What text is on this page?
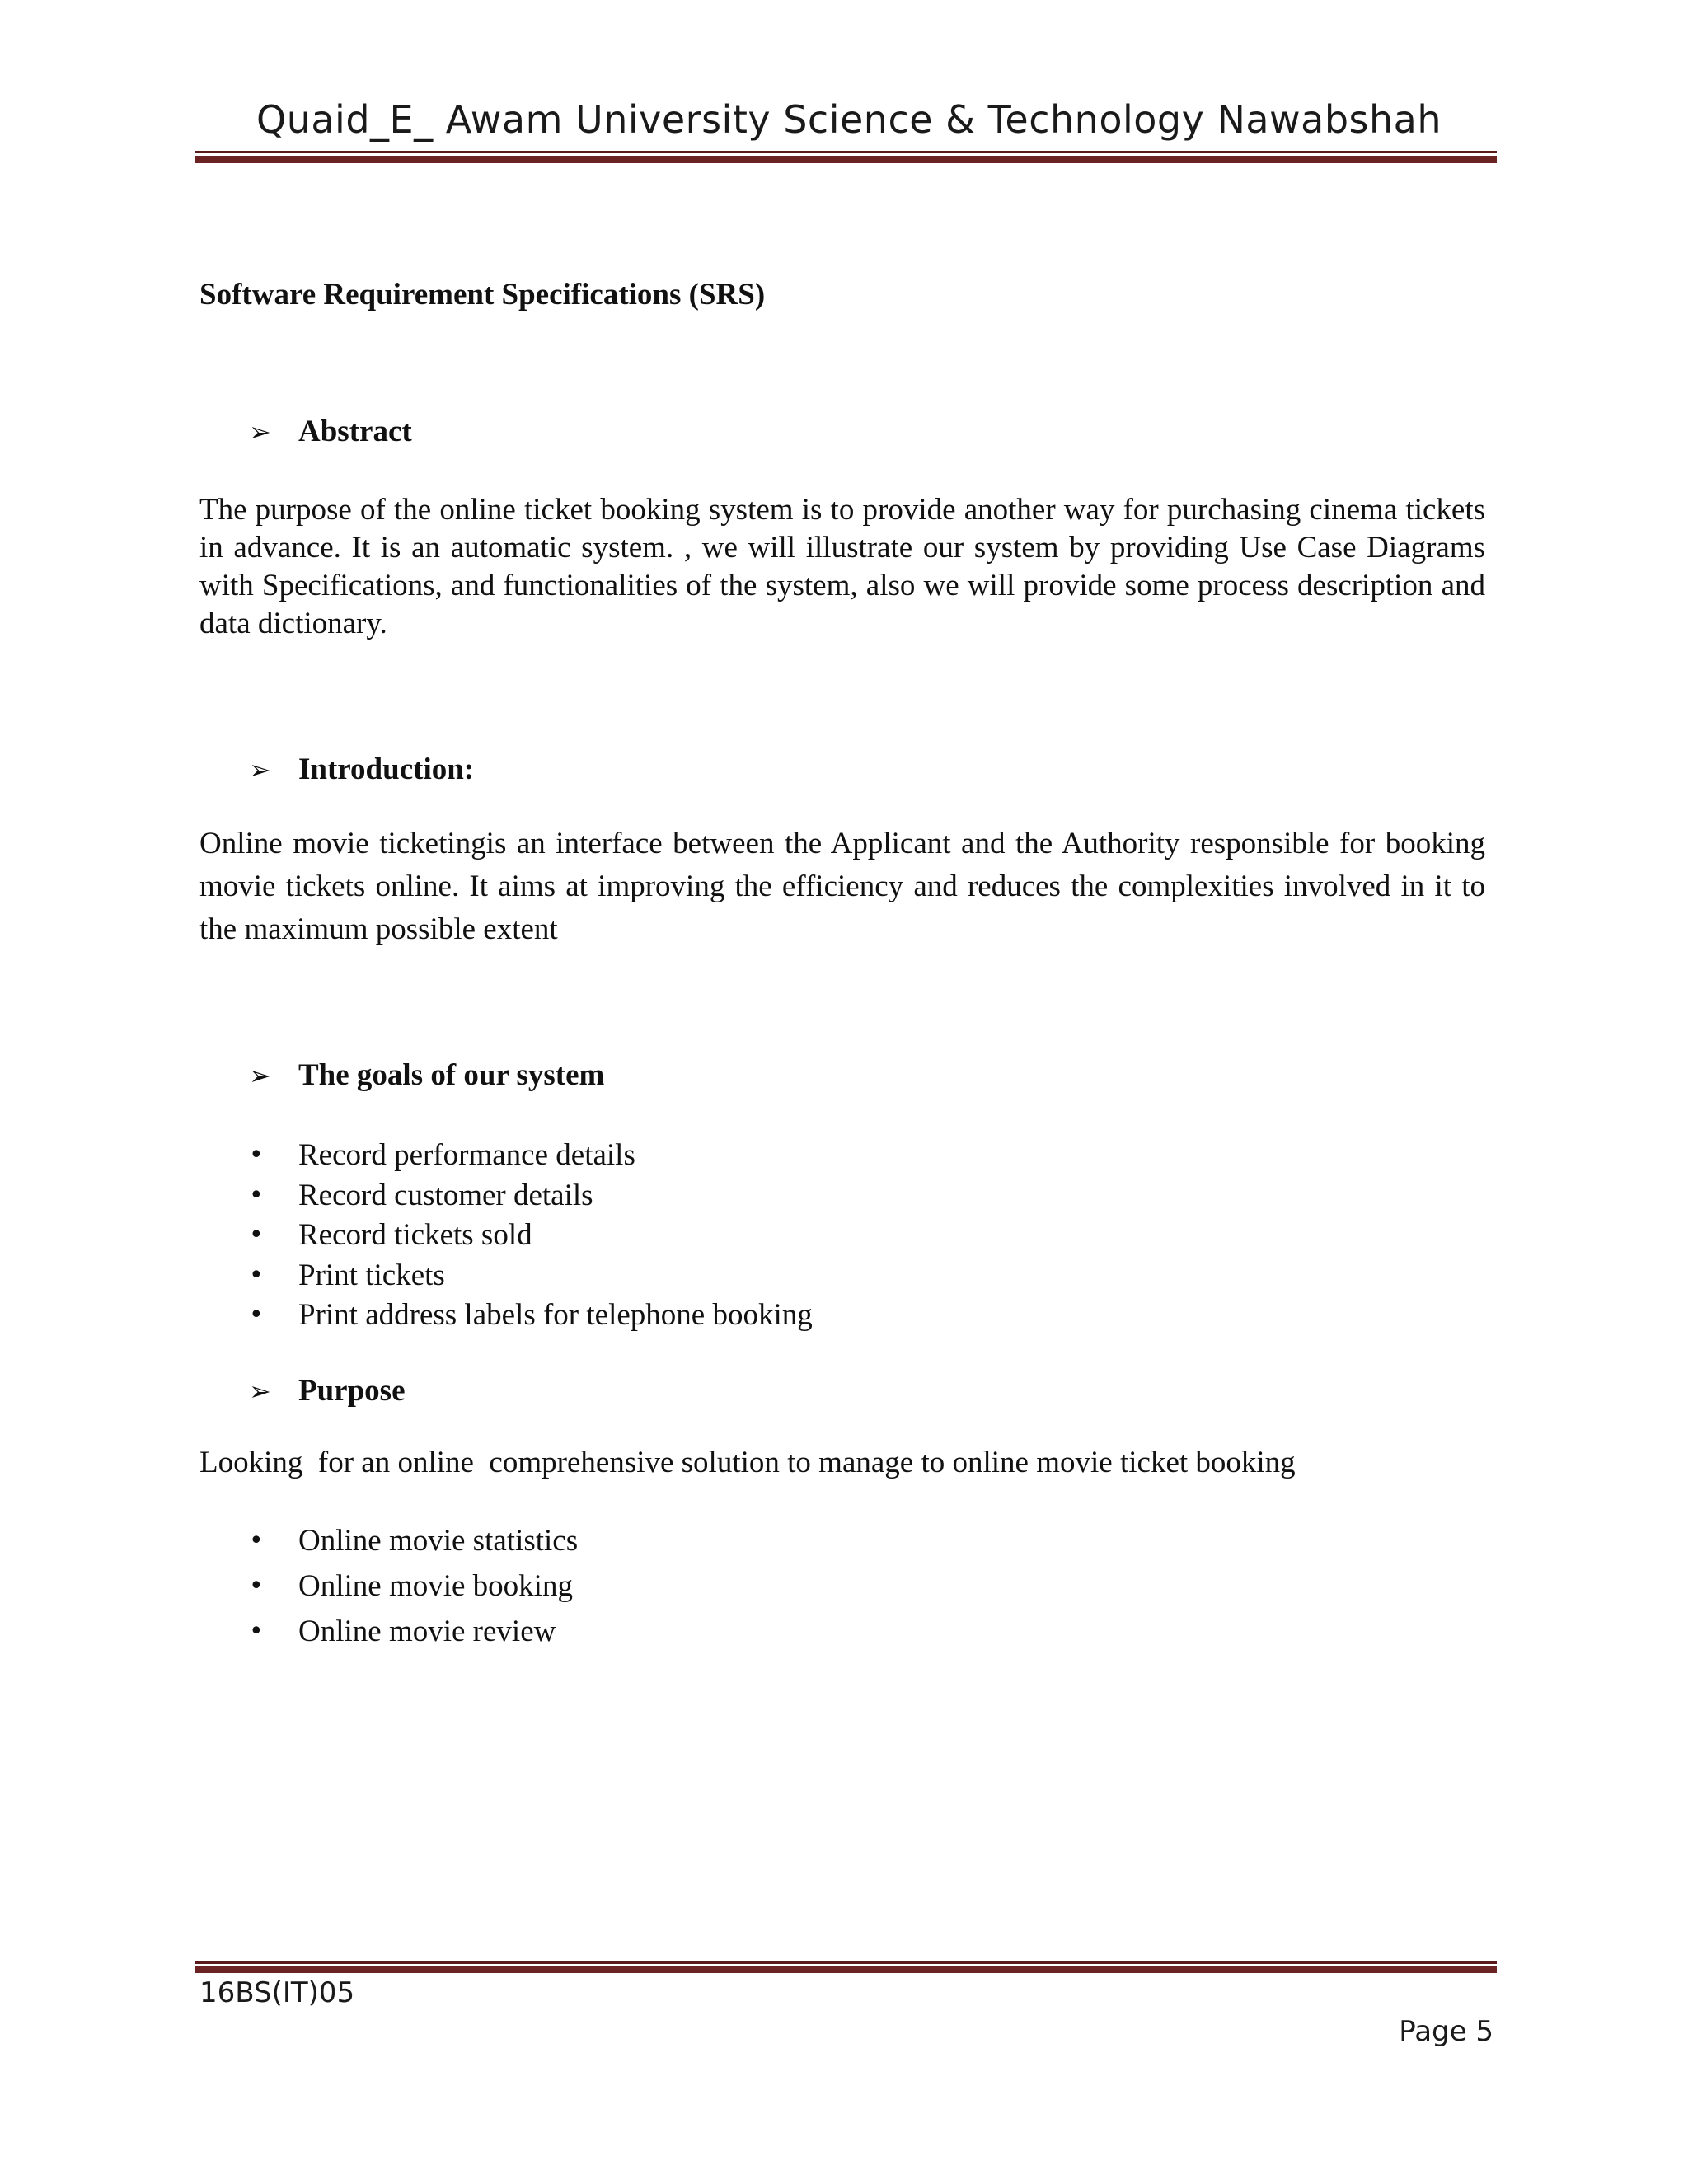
Quaid_E_ Awam University Science & Technology Nawabshah
Software Requirement Specifications (SRS)
➢ Abstract
The purpose of the online ticket booking system is to provide another way for purchasing cinema tickets in advance. It is an automatic system. , we will illustrate our system by providing Use Case Diagrams with Specifications, and functionalities of the system, also we will provide some process description and data dictionary.
➢ Introduction:
Online movie ticketingis an interface between the Applicant and the Authority responsible for booking movie tickets online. It aims at improving the efficiency and reduces the complexities involved in it to the maximum possible extent
➢ The goals of our system
• Record performance details
• Record customer details
• Record tickets sold
• Print tickets
• Print address labels for telephone booking
➢ Purpose
Looking  for an online  comprehensive solution to manage to online movie ticket booking
• Online movie statistics
• Online movie booking
• Online movie review
16BS(IT)05
Page 5
